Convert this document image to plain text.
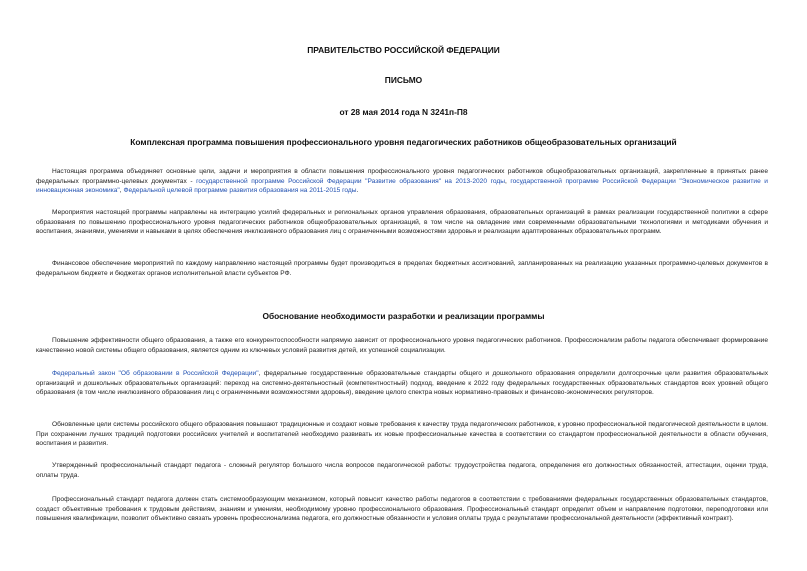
ПРАВИТЕЛЬСТВО РОССИЙСКОЙ ФЕДЕРАЦИИ
ПИСЬМО
от 28 мая 2014 года N 3241п-П8
Комплексная программа повышения профессионального уровня педагогических работников общеобразовательных организаций
Настоящая программа объединяет основные цели, задачи и мероприятия в области повышения профессионального уровня педагогических работников общеобразовательных организаций, закрепленные в принятых ранее федеральных программно-целевых документах - государственной программе Российской Федерации "Развитие образования" на 2013-2020 годы, государственной программе Российской Федерации "Экономическое развитие и инновационная экономика", Федеральной целевой программе развития образования на 2011-2015 годы.
Мероприятия настоящей программы направлены на интеграцию усилий федеральных и региональных органов управления образования, образовательных организаций в рамках реализации государственной политики в сфере образования по повышению профессионального уровня педагогических работников общеобразовательных организаций, в том числе на овладение ими современными образовательными технологиями и методиками обучения и воспитания, знаниями, умениями и навыками в целях обеспечения инклюзивного образования лиц с ограниченными возможностями здоровья и реализации адаптированных образовательных программ.
Финансовое обеспечение мероприятий по каждому направлению настоящей программы будет производиться в пределах бюджетных ассигнований, запланированных на реализацию указанных программно-целевых документов в федеральном бюджете и бюджетах органов исполнительной власти субъектов РФ.
Обоснование необходимости разработки и реализации программы
Повышение эффективности общего образования, а также его конкурентоспособности напрямую зависит от профессионального уровня педагогических работников. Профессионализм работы педагога обеспечивает формирование качественно новой системы общего образования, является одним из ключевых условий развития детей, их успешной социализации.
Федеральный закон "Об образовании в Российской Федерации", федеральные государственные образовательные стандарты общего и дошкольного образования определили долгосрочные цели развития образовательных организаций и дошкольных образовательных организаций: переход на системно-деятельностный (компетентностный) подход, введение к 2022 году федеральных государственных образовательных стандартов всех уровней общего образования (в том числе инклюзивного образования лиц с ограниченными возможностями здоровья), введение целого спектра новых нормативно-правовых и финансово-экономических регуляторов.
Обновленные цели системы российского общего образования повышают традиционные и создают новые требования к качеству труда педагогических работников, к уровню профессиональной педагогической деятельности в целом. При сохранении лучших традиций подготовки российских учителей и воспитателей необходимо развивать их новые профессиональные качества в соответствии со стандартом профессиональной деятельности в области обучения, воспитания и развития.
Утвержденный профессиональный стандарт педагога - сложный регулятор большого числа вопросов педагогической работы: трудоустройства педагога, определения его должностных обязанностей, аттестации, оценки труда, оплаты труда.
Профессиональный стандарт педагога должен стать системообразующим механизмом, который повысит качество работы педагогов в соответствии с требованиями федеральных государственных образовательных стандартов, создаст объективные требования к трудовым действиям, знаниям и умениям, необходимому уровню профессионального образования. Профессиональный стандарт определит объем и направление подготовки, переподготовки или повышения квалификации, позволит объективно связать уровень профессионализма педагога, его должностные обязанности и условия оплаты труда с результатами профессиональной деятельности (эффективный контракт).
